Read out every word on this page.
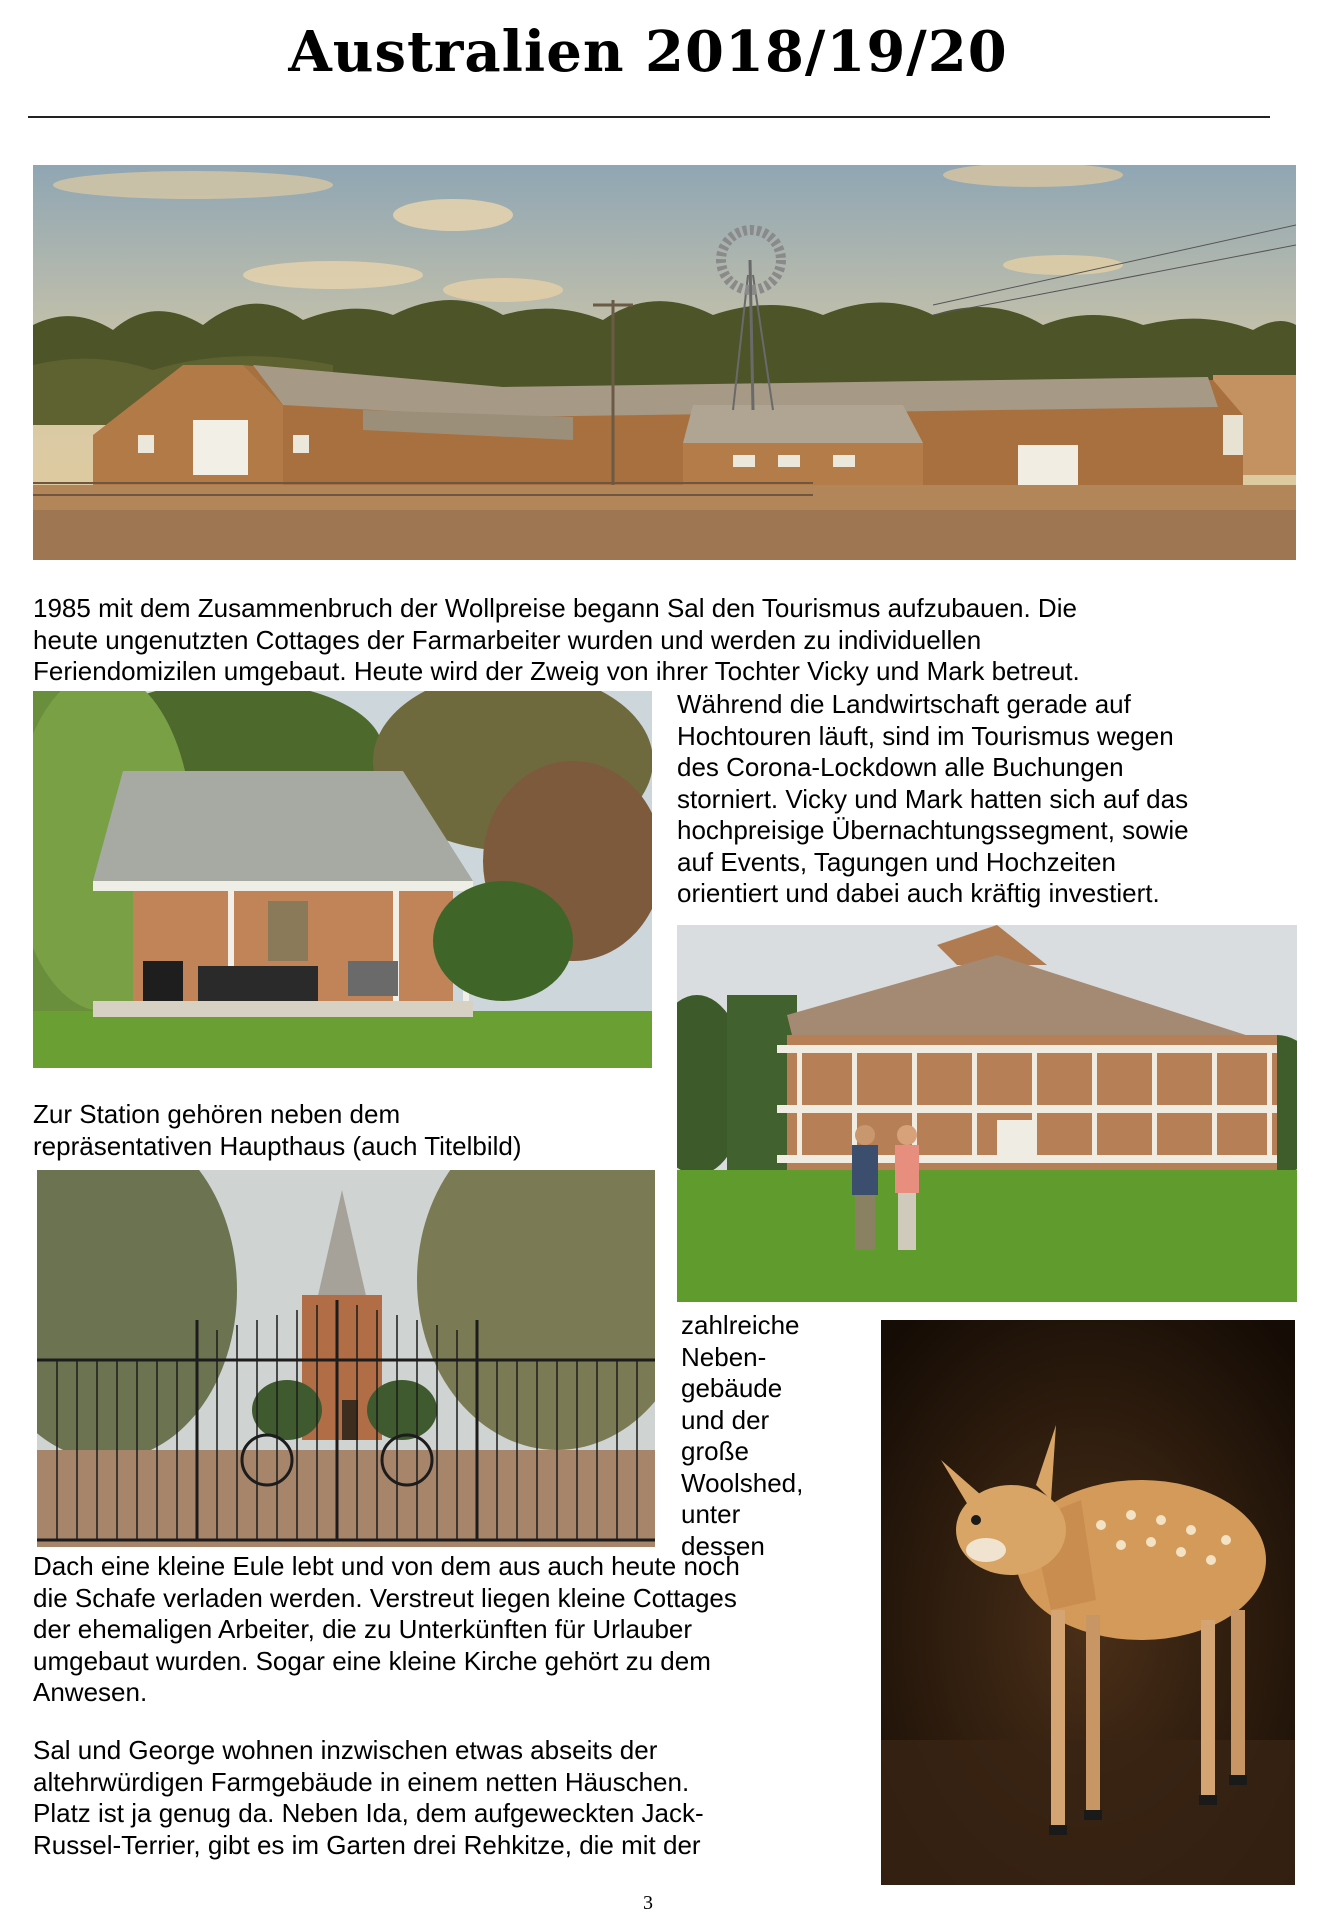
Australien 2018/19/20
1985 mit dem Zusammenbruch der Wollpreise begann Sal den Tourismus aufzubauen. Die
heute ungenutzten Cottages der Farmarbeiter wurden und werden zu individuellen
Feriendomizilen umgebaut. Heute wird der Zweig von ihrer Tochter Vicky und Mark betreut.
Während die Landwirtschaft gerade auf
Hochtouren läuft, sind im Tourismus wegen
des Corona-Lockdown alle Buchungen
storniert. Vicky und Mark hatten sich auf das
hochpreisige Übernachtungssegment, sowie
auf Events, Tagungen und Hochzeiten
orientiert und dabei auch kräftig investiert.
Zur Station gehören neben dem
repräsentativen Haupthaus (auch Titelbild)
zahlreiche
Neben-
gebäude
und der
große
Woolshed,
unter
dessen
Dach eine kleine Eule lebt und von dem aus auch heute noch
die Schafe verladen werden. Verstreut liegen kleine Cottages
der ehemaligen Arbeiter, die zu Unterkünften für Urlauber
umgebaut wurden. Sogar eine kleine Kirche gehört zu dem
Anwesen.
Sal und George wohnen inzwischen etwas abseits der
altehrwürdigen Farmgebäude in einem netten Häuschen.
Platz ist ja genug da. Neben Ida, dem aufgeweckten Jack-
Russel-Terrier, gibt es im Garten drei Rehkitze, die mit der
3
